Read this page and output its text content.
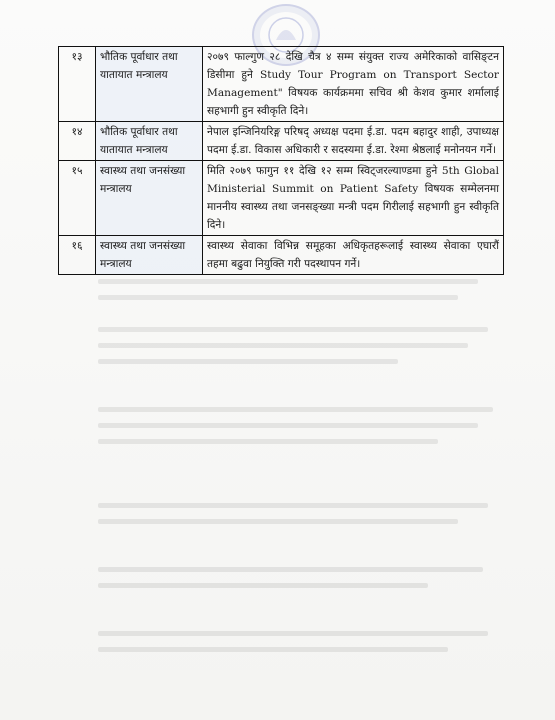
१३	भौतिक पूर्वाधार तथा यातायात मन्त्रालय	२०७९ फाल्गुण २८ देखि चैत्र ४ सम्म संयुक्त राज्य अमेरिकाको वासिङ्टन डिसीमा हुने Study Tour Program on Transport Sector Management" विषयक कार्यक्रममा सचिव श्री केशव कुमार शर्मालाई सहभागी हुन स्वीकृति दिने।
१४	भौतिक पूर्वाधार तथा यातायात मन्त्रालय	नेपाल इन्जिनियरिङ्ग परिषद् अध्यक्ष पदमा ई.डा. पदम बहादुर शाही, उपाध्यक्ष पदमा ई.डा. विकास अधिकारी र सदस्यमा ई.डा. रेश्मा श्रेष्ठलाई मनोनयन गर्ने।
१५	स्वास्थ्य तथा जनसंख्या मन्त्रालय	मिति २०७९ फागुन ११ देखि १२ सम्म स्विट्जरल्याण्डमा हुने 5th Global Ministerial Summit on Patient Safety विषयक सम्मेलनमा माननीय स्वास्थ्य तथा जनसङ्ख्या मन्त्री पदम गिरीलाई सहभागी हुन स्वीकृति दिने।
१६	स्वास्थ्य तथा जनसंख्या मन्त्रालय	स्वास्थ्य सेवाका विभिन्न समूहका अधिकृतहरूलाई स्वास्थ्य सेवाका एघारौं तहमा बढुवा नियुक्ति गरी पदस्थापन गर्ने।
